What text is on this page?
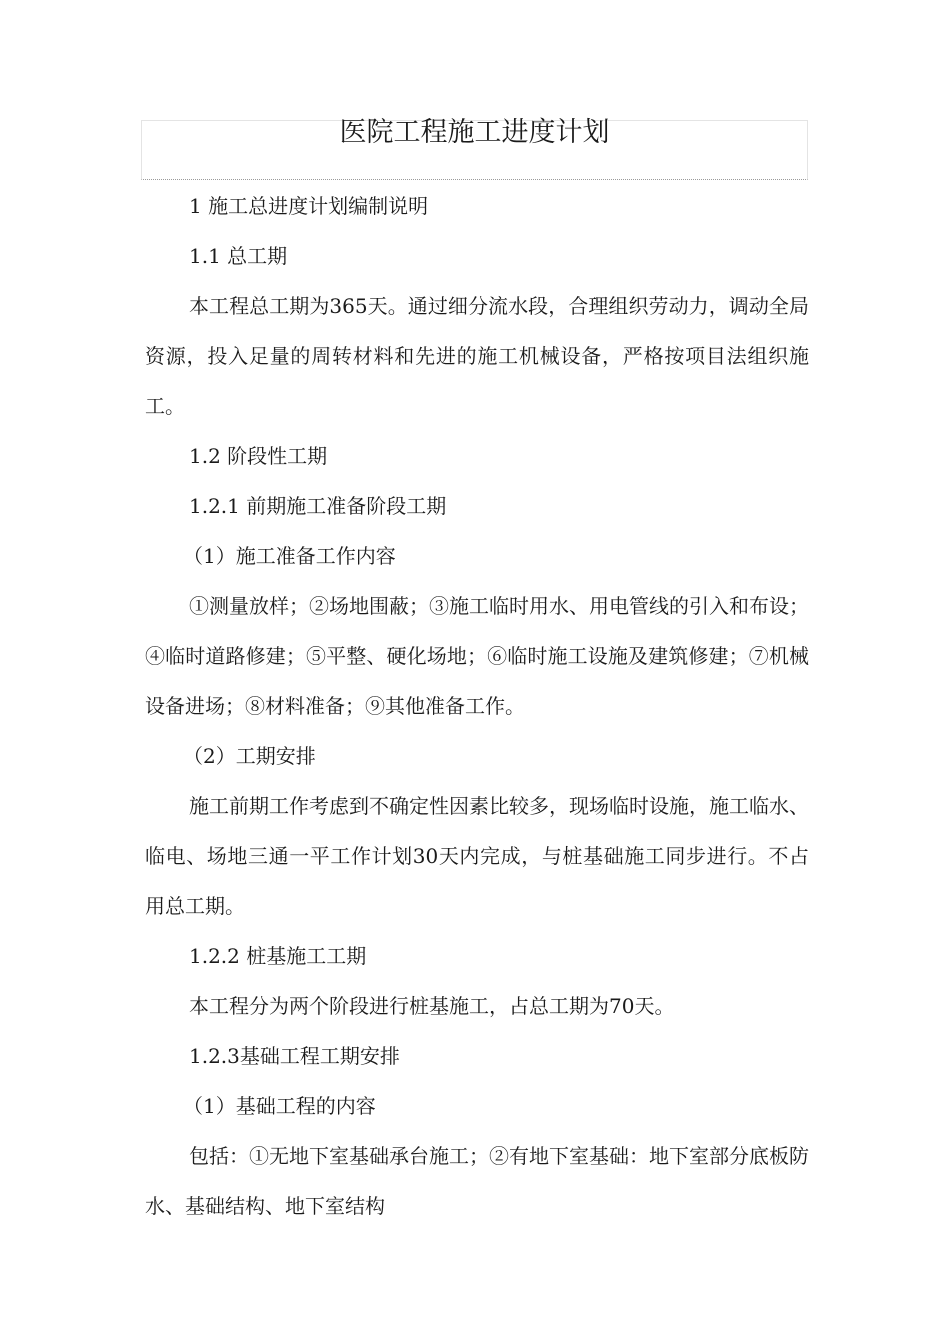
医院工程施工进度计划
1 施工总进度计划编制说明
1.1 总工期

本工程总工期为365天。通过细分流水段，合理组织劳动力，调动全局资源，投入足量的周转材料和先进的施工机械设备，严格按项目法组织施工。

1.2 阶段性工期
1.2.1 前期施工准备阶段工期
（1）施工准备工作内容

①测量放样；②场地围蔽；③施工临时用水、用电管线的引入和布设；④临时道路修建；⑤平整、硬化场地；⑥临时施工设施及建筑修建；⑦机械设备进场；⑧材料准备；⑨其他准备工作。

（2）工期安排

施工前期工作考虑到不确定性因素比较多，现场临时设施，施工临水、临电、场地三通一平工作计划30天内完成，与桩基础施工同步进行。不占用总工期。

1.2.2 桩基施工工期

本工程分为两个阶段进行桩基施工，占总工期为70天。

1.2.3基础工程工期安排
（1）基础工程的内容

包括：①无地下室基础承台施工；②有地下室基础：地下室部分底板防水、基础结构、地下室结构
